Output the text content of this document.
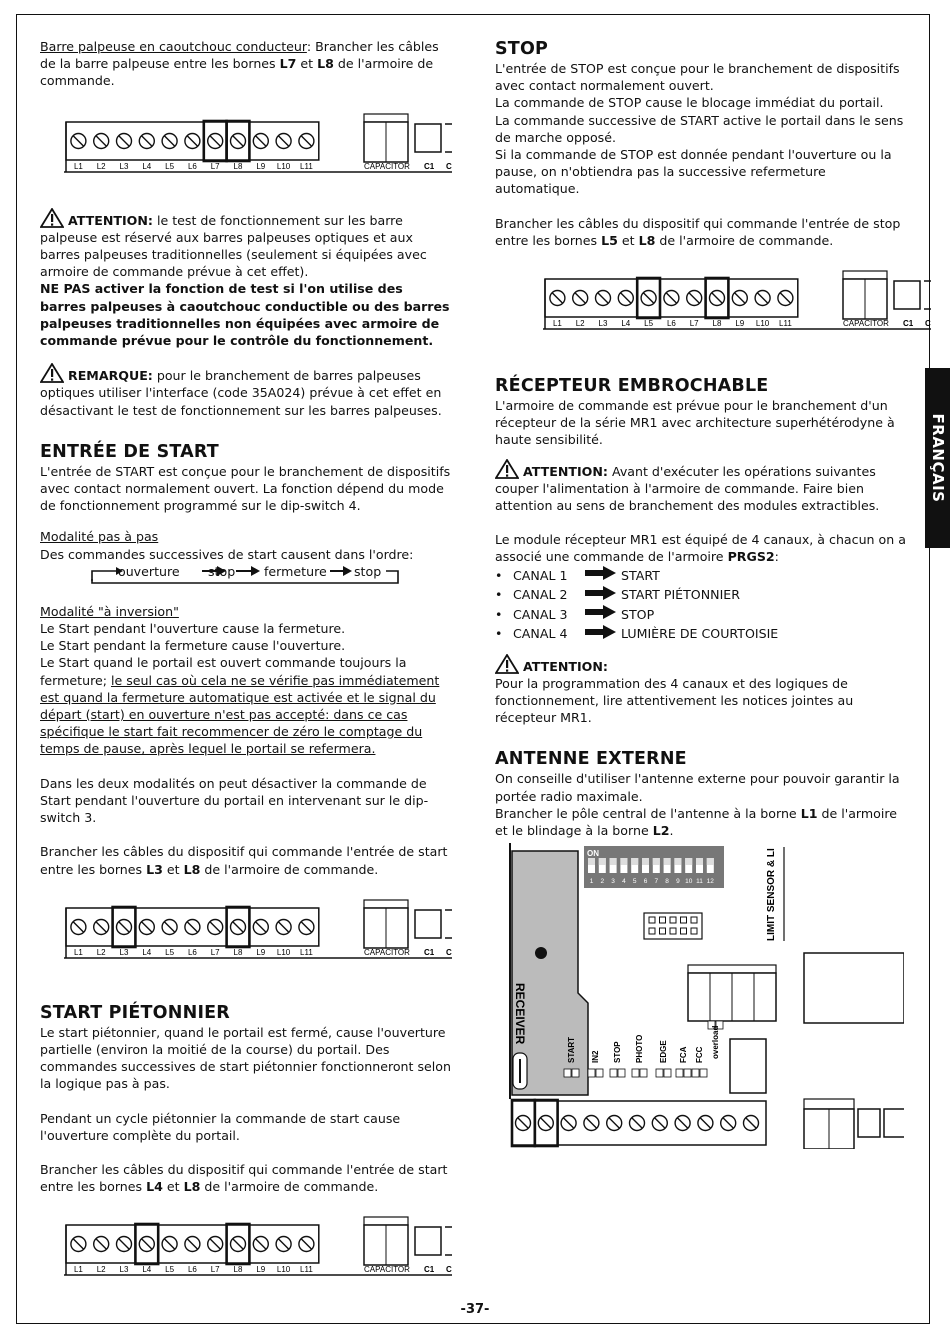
FRANÇAIS

Barre palpeuse en caoutchouc conducteur: Brancher les câbles de la barre palpeuse entre les bornes L7 et L8 de l'armoire de commande.

L1 L2 L3 L4 L5 L6 L7 L8 L9 L10 L11	CAPACITOR C1 C

ATTENTION: le test de fonctionnement sur les barre palpeuse est réservé aux barres palpeuses optiques et aux barres palpeuses traditionnelles (seulement si équipées avec armoire de commande prévue à cet effet).

NE PAS activer la fonction de test si l'on utilise des barres palpeuses à caoutchouc conductible ou des barres palpeuses traditionnelles non équipées avec armoire de commande prévue pour le contrôle du fonctionnement.

REMARQUE: pour le branchement de barres palpeuses optiques utiliser l'interface (code 35A024) prévue à cet effet en désactivant le test de fonctionnement sur les barres palpeuses.

ENTRÉE DE START

L'entrée de START est conçue pour le branchement de dispositifs avec contact normalement ouvert. La fonction dépend du mode de fonctionnement programmé sur le dip-switch 4.

Modalité pas à pas

Des commandes successives de start causent dans l'ordre:

ouverture stop fermeture stop

Modalité "à inversion"

Le Start pendant l'ouverture cause la fermeture.

Le Start pendant la fermeture cause l'ouverture.

Le Start quand le portail est ouvert commande toujours la fermeture; le seul cas où cela ne se vérifie pas immédiatement est quand la fermeture automatique est activée et le signal du départ (start) en ouverture n'est pas accepté: dans ce cas spécifique le start fait recommencer de zéro le comptage du temps de pause, après lequel le portail se refermera.

Dans les deux modalités on peut désactiver la commande de Start pendant l'ouverture du portail en intervenant sur le dip-switch 3.

Brancher les câbles du dispositif qui commande l'entrée de start entre les bornes L3 et L8 de l'armoire de commande.

L1 L2 L3 L4 L5 L6 L7 L8 L9 L10 L11	CAPACITOR C1 C
START PIÉTONNIER

Le start piétonnier, quand le portail est fermé, cause l'ouverture partielle (environ la moitié de la course) du portail. Des commandes successives de start piétonnier fonctionneront selon la logique pas à pas.

Pendant un cycle piétonnier la commande de start cause l'ouverture complète du portail.

Brancher les câbles du dispositif qui commande l'entrée de start entre les bornes L4 et L8 de l'armoire de commande.

L1 L2 L3 L4 L5 L6 L7 L8 L9 L10 L11	CAPACITOR C1 C
STOP

L'entrée de STOP est conçue pour le branchement de dispositifs avec contact normalement ouvert.

La commande de STOP cause le blocage immédiat du portail.

La commande successive de START active le portail dans le sens de marche opposé.

Si la commande de STOP est donnée pendant l'ouverture ou la pause, on n'obtiendra pas la successive refermeture automatique.

Brancher les câbles du dispositif qui commande l'entrée de stop entre les bornes L5 et L8 de l'armoire de commande.

L1 L2 L3 L4 L5 L6 L7 L8 L9 L10 L11	CAPACITOR C1 C
RÉCEPTEUR EMBROCHABLE

L'armoire de commande est prévue pour le branchement d'un récepteur de la série MR1 avec architecture superhétérodyne à haute sensibilité.

ATTENTION: Avant d'exécuter les opérations suivantes couper l'alimentation à l'armoire de commande. Faire bien attention au sens de branchement des modules extractibles.

Le module récepteur MR1 est équipé de 4 canaux, à chacun on a associé une commande de l'armoire PRGS2:

• CANAL 1	START
• CANAL 2	START PIÉTONNIER
• CANAL 3	STOP
• CANAL 4	LUMIÈRE DE COURTOISIE

ATTENTION:

Pour la programmation des 4 canaux et des logiques de fonctionnement, lire attentivement les notices jointes au récepteur MR1.

ANTENNE EXTERNE

On conseille d'utiliser l'antenne externe pour pouvoir garantir la portée radio maximale.

Brancher le pôle central de l'antenne à la borne L1 de l'armoire et le blindage à la borne L2.

RECEIVER
ON
1 2 3 4 5 6 7 8 9 10 11 12	LIMIT SENSOR & LI
START IN2 STOP PHOTO EDGE FCA FCC overload
-37-
